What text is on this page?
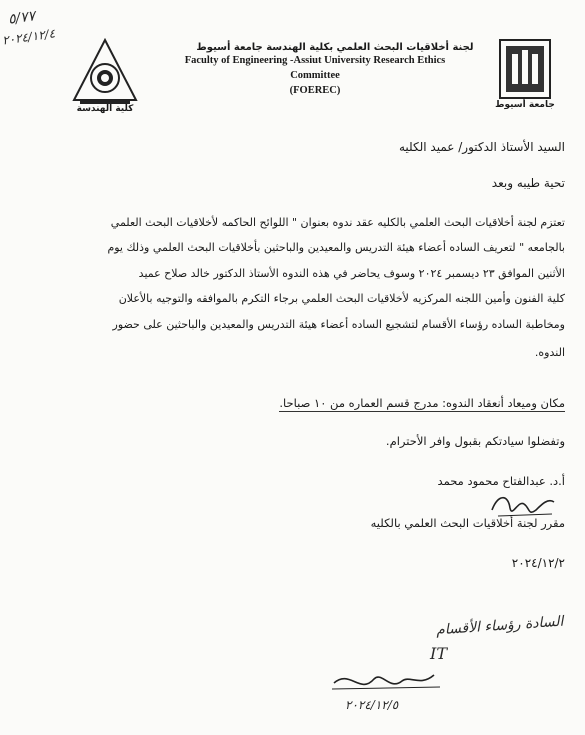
٥/٧٧
٢٠٢٤/١٢/٤
كلية الهندسة	جامعة أسيوط
لجنة أخلاقيات البحث العلمي بكلية الهندسة جامعة أسيوط
Faculty of Engineering -Assiut University Research Ethics
Committee
(FOEREC)
السيد الأستاذ الدكتور/ عميد الكليه
تحية طيبه وبعد
تعتزم لجنة أخلاقيات البحث العلمي بالكليه عقد ندوه بعنوان " اللوائح الحاكمه لأخلاقيات البحث العلمي
بالجامعه " لتعريف الساده أعضاء هيئة التدريس والمعيدين والباحثين بأخلاقيات البحث العلمي وذلك يوم
الأثنين الموافق ٢٣ ديسمبر ٢٠٢٤ وسوف يحاضر في هذه الندوه الأستاذ الدكتور خالد صلاح عميد
كلية الفنون وأمين اللجنه المركزيه لأخلاقيات البحث العلمي برجاء التكرم بالموافقه والتوجيه بالأعلان
ومخاطبة الساده رؤساء الأقسام لتشجيع الساده أعضاء هيئة التدريس والمعيدين والباحثين على حضور
الندوه.
مكان وميعاد أنعقاد الندوه: مدرج قسم العماره من ١٠ صباحا.
وتفضلوا سيادتكم بقبول وافر الأحترام.
أ.د. عبدالفتاح محمود محمد
مقرر لجنة أخلاقيات البحث العلمي بالكليه
٢٠٢٤/١٢/٢
السادة رؤساء الأقسام
IT
٢٠٢٤/١٢/٥
